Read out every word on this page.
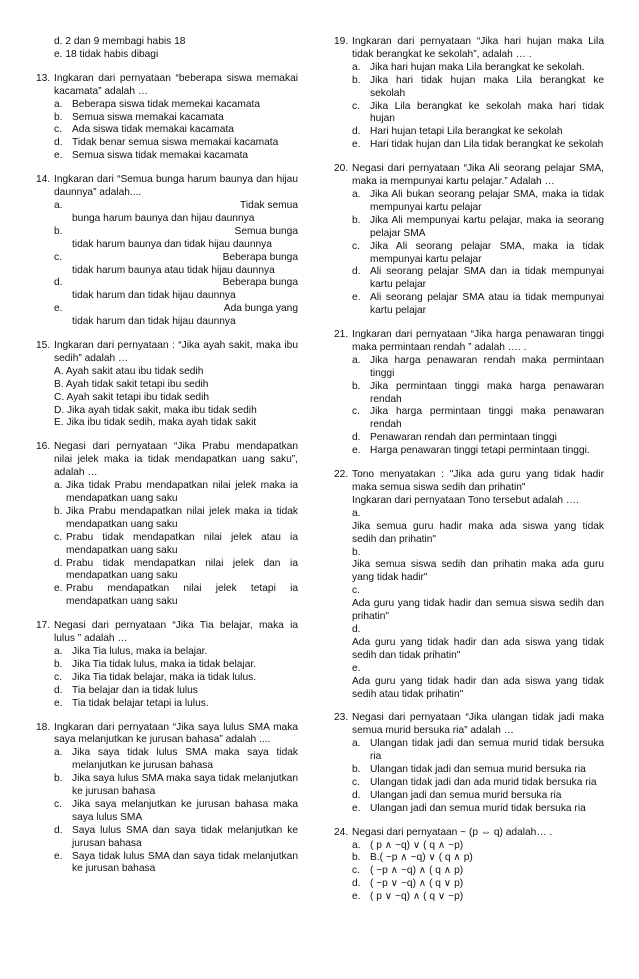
d. 2 dan 9 membagi habis 18
e. 18 tidak habis dibagi
13. Ingkaran dari pernyataan “beberapa siswa memakai kacamata” adalah …
a. Beberapa siswa tidak memekai kacamata
b. Semua siswa memakai kacamata
c. Ada siswa tidak memakai kacamata
d. Tidak benar semua siswa memakai kacamata
e. Semua siswa tidak memakai kacamata
14. Ingkaran dari “Semua bunga harum baunya dan hijau daunnya” adalah....
a.	Tidak semua
bunga harum baunya dan hijau daunnya
b.	Semua bunga
tidak harum baunya dan tidak hijau daunnya
c.	Beberapa bunga
tidak harum baunya atau tidak hijau daunnya
d.	Beberapa bunga
tidak harum dan tidak hijau daunnya
e.	Ada bunga yang
tidak harum dan tidak hijau daunnya
15. Ingkaran dari pernyataan : “Jika ayah sakit, maka ibu sedih” adalah …
A. Ayah sakit atau ibu tidak sedih
B. Ayah tidak sakit tetapi ibu sedih
C. Ayah sakit tetapi ibu tidak sedih
D. Jika ayah tidak sakit, maka ibu tidak sedih
E. Jika ibu tidak sedih, maka ayah tidak sakit
16. Negasi dari pernyataan “Jika Prabu mendapatkan nilai jelek maka ia tidak mendapatkan uang saku”, adalah …
a. Jika tidak Prabu mendapatkan nilai jelek maka ia mendapatkan uang saku
b. Jika Prabu mendapatkan nilai jelek maka ia tidak mendapatkan uang saku
c. Prabu tidak mendapatkan nilai jelek atau ia mendapatkan uang saku
d. Prabu tidak mendapatkan nilai jelek dan ia mendapatkan uang saku
e. Prabu mendapatkan nilai jelek tetapi ia mendapatkan uang saku
17. Negasi dari pernyataan “Jika Tia belajar, maka ia lulus ” adalah …
a. Jika Tia lulus, maka ia belajar.
b. Jika Tia tidak lulus, maka ia tidak belajar.
c. Jika Tia tidak belajar, maka ia tidak lulus.
d. Tia belajar dan ia tidak lulus
e. Tia tidak belajar tetapi ia lulus.
18. Ingkaran dari pernyataan “Jika saya lulus SMA maka saya melanjutkan ke jurusan bahasa” adalah ....
a. Jika saya tidak lulus SMA maka saya tidak melanjutkan ke jurusan bahasa
b. Jika saya lulus SMA maka saya tidak melanjutkan ke jurusan bahasa
c. Jika saya melanjutkan ke jurusan bahasa maka saya lulus SMA
d. Saya lulus SMA dan saya tidak melanjutkan ke jurusan bahasa
e. Saya tidak lulus SMA dan saya tidak melanjutkan ke jurusan bahasa
19. Ingkaran dari pernyataan “Jika hari hujan maka Lila tidak berangkat ke sekolah”, adalah … .
a. Jika hari hujan maka Lila berangkat ke sekolah.
b. Jika hari tidak hujan maka Lila berangkat ke sekolah
c. Jika Lila berangkat ke sekolah maka hari tidak hujan
d. Hari hujan tetapi Lila berangkat ke sekolah
e. Hari tidak hujan dan Lila tidak berangkat ke sekolah
20. Negasi dari pernyataan “Jika Ali seorang pelajar SMA, maka ia mempunyai kartu pelajar.” Adalah …
a. Jika Ali bukan seorang pelajar SMA, maka ia tidak mempunyai kartu pelajar
b. Jika Ali mempunyai kartu pelajar, maka ia seorang pelajar SMA
c. Jika Ali seorang pelajar SMA, maka ia tidak mempunyai kartu pelajar
d. Ali seorang pelajar SMA dan ia tidak mempunyai kartu pelajar
e. Ali seorang pelajar SMA atau ia tidak mempunyai kartu pelajar
21. Ingkaran dari pernyataan “Jika harga penawaran tinggi maka permintaan rendah ” adalah …. .
a. Jika harga penawaran rendah maka permintaan tinggi
b. Jika permintaan tinggi maka harga penawaran rendah
c. Jika harga permintaan tinggi maka penawaran rendah
d. Penawaran rendah dan permintaan tinggi
e. Harga penawaran tinggi tetapi permintaan tinggi.
22. Tono menyatakan : "Jika ada guru yang tidak hadir maka semua siswa sedih dan prihatin"
Ingkaran dari pernyataan Tono tersebut adalah ….
a.
Jika semua guru hadir maka ada siswa yang tidak sedih dan prihatin"
b.
Jika semua siswa sedih dan prihatin maka ada guru yang tidak hadir"
c.
Ada guru yang tidak hadir dan semua siswa sedih dan prihatin"
d.
Ada guru yang tidak hadir dan ada siswa yang tidak sedih dan tidak prihatin"
e.
Ada guru yang tidak hadir dan ada siswa yang tidak sedih atau tidak prihatin"
23. Negasi dari pernyataan “Jika ulangan tidak jadi maka semua murid bersuka ria” adalah …
a. Ulangan tidak jadi dan semua murid tidak bersuka ria
b. Ulangan tidak jadi dan semua murid bersuka ria
c. Ulangan tidak jadi dan ada murid tidak bersuka ria
d. Ulangan jadi dan semua murid bersuka ria
e. Ulangan jadi dan semua murid tidak bersuka ria
24. Negasi dari pernyataan ~ (p ⇔ q) adalah… .
a. ( p ∧ ~q) ∨ ( q ∧ ~p)
b. B.( ~p ∧ ~q) ∨ ( q ∧ p)
c. ( ~p ∧ ~q) ∧ ( q ∧ p)
d. ( ~p ∨ ~q) ∧ ( q ∨ p)
e. ( p ∨ ~q) ∧ ( q ∨ ~p)
